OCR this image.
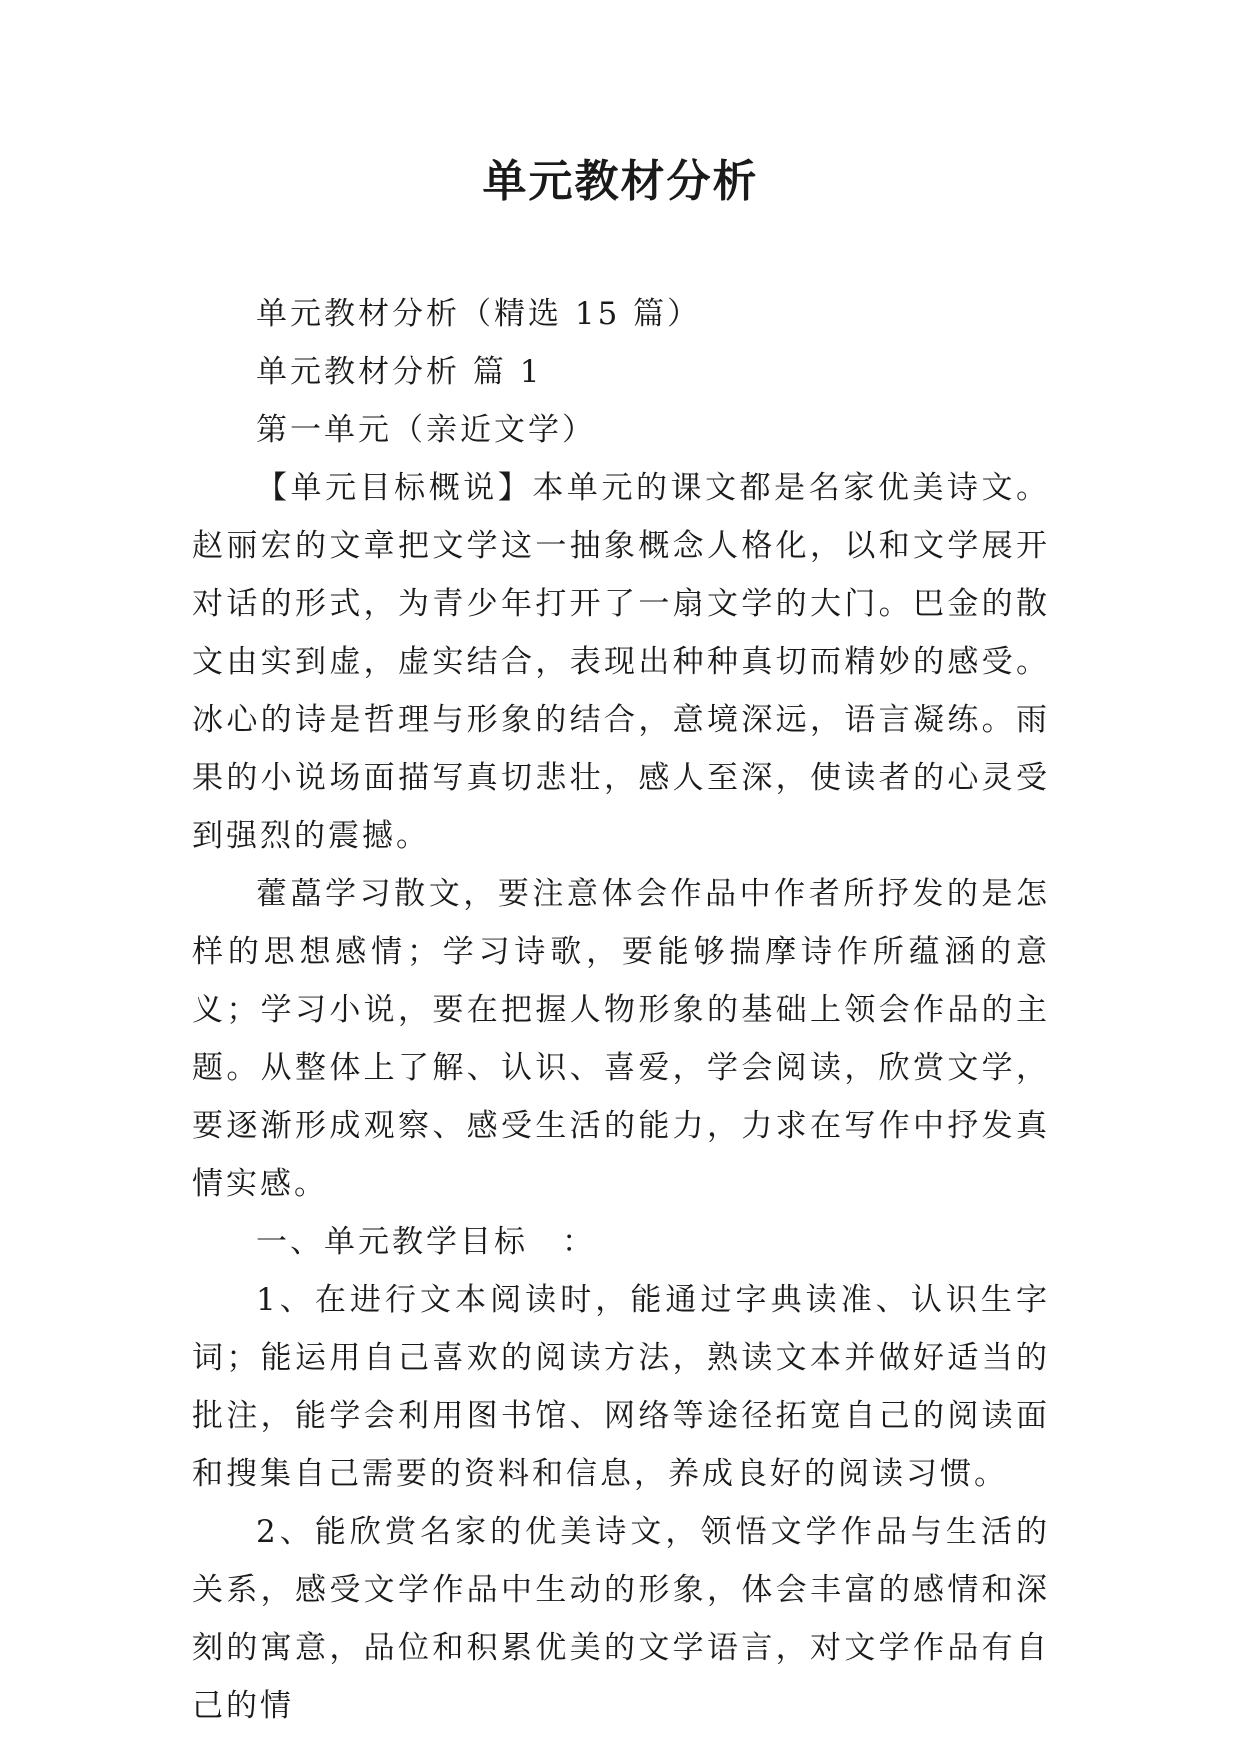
单元教材分析

单元教材分析（精选 15 篇）

单元教材分析 篇 1

第一单元（亲近文学）

【单元目标概说】本单元的课文都是名家优美诗文。赵丽宏的文章把文学这一抽象概念人格化，以和文学展开对话的形式，为青少年打开了一扇文学的大门。巴金的散文由实到虚，虚实结合，表现出种种真切而精妙的感受。冰心的诗是哲理与形象的结合，意境深远，语言凝练。雨果的小说场面描写真切悲壮，感人至深，使读者的心灵受到强烈的震撼。

藿藠学习散文，要注意体会作品中作者所抒发的是怎样的思想感情；学习诗歌，要能够揣摩诗作所蕴涵的意义；学习小说，要在把握人物形象的基础上领会作品的主题。从整体上了解、认识、喜爱，学会阅读，欣赏文学，要逐渐形成观察、感受生活的能力，力求在写作中抒发真情实感。

一、单元教学目标　：

1、在进行文本阅读时，能通过字典读准、认识生字词；能运用自己喜欢的阅读方法，熟读文本并做好适当的批注，能学会利用图书馆、网络等途径拓宽自己的阅读面和搜集自己需要的资料和信息，养成良好的阅读习惯。

2、能欣赏名家的优美诗文，领悟文学作品与生活的关系，感受文学作品中生动的形象，体会丰富的感情和深刻的寓意，品位和积累优美的文学语言，对文学作品有自己的情
